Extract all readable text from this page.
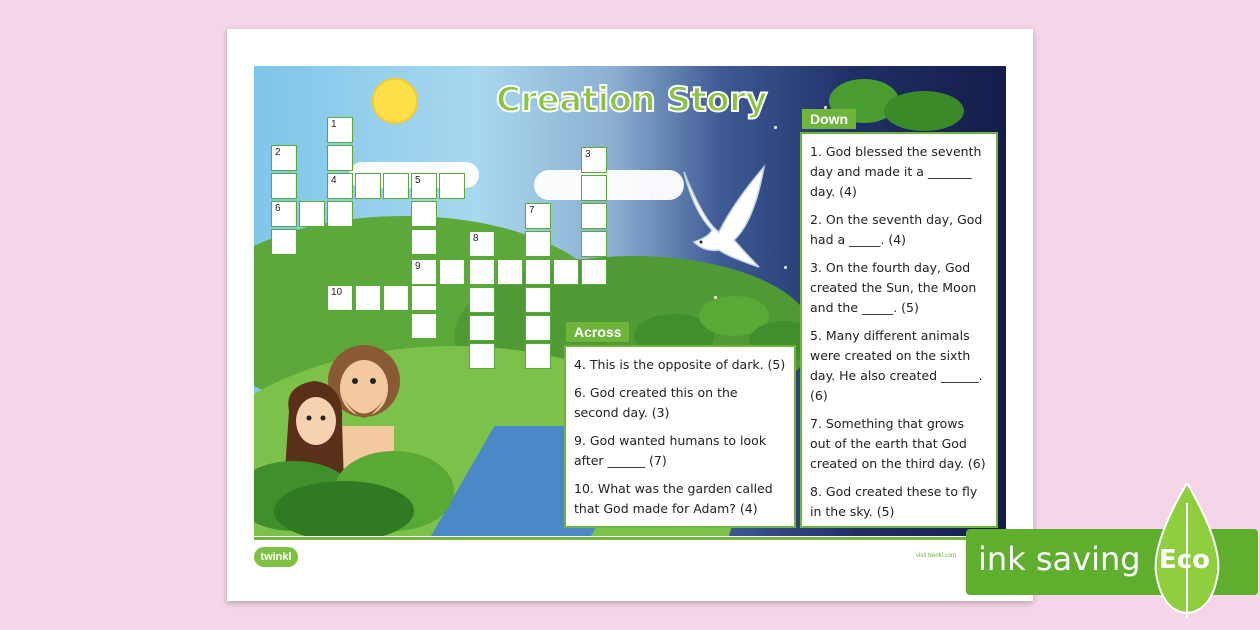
Creation Story
1
2
4	5
6
3
7
8
9
10
Across

4. This is the opposite of dark. (5)

6. God created this on the second day. (3)

9. God wanted humans to look after ______ (7)

10. What was the garden called that God made for Adam? (4)

Down

1. God blessed the seventh day and made it a _______ day. (4)

2. On the seventh day, God had a _____. (4)

3. On the fourth day, God created the Sun, the Moon and the _____. (5)

5. Many different animals were created on the sixth day. He also created ______. (6)

7. Something that grows out of the earth that God created on the third day. (6)

8. God created these to fly in the sky. (5)

twinkl	visit twinkl.com ink saving Eco
